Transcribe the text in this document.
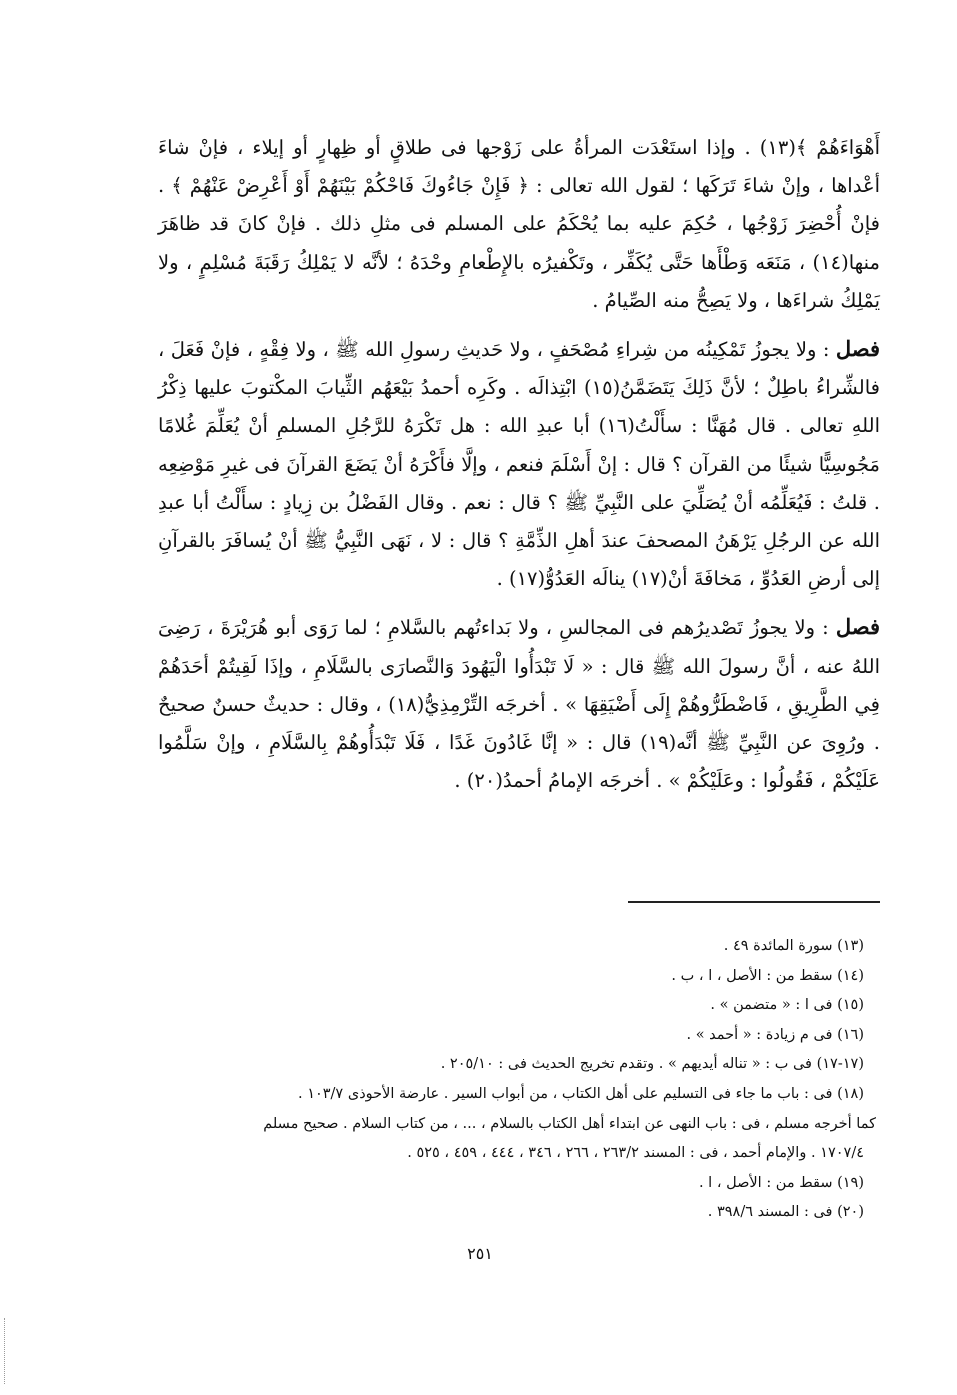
أَهْوَاءَهُمْ ﴾(١٣) . وإذا استَعْدَت المرأةُ على زَوْجها فى طلاقٍ أو ظِهارٍ أو إيلاء ، فإنْ شاءَ أعْداها ، وإنْ شاءَ تَرَكَها ؛ لقول الله تعالى : ﴿ فَإِنْ جَاءُوكَ فَاحْكُمْ بَيْنَهُمْ أَوْ أَعْرِضْ عَنْهُمْ ﴾ . فإنْ أُحْضِرَ زَوْجُها ، حُكِمَ عليه بما يُحْكَمُ على المسلم فى مثلِ ذلك . فإنْ كانَ قد ظاهَرَ منها(١٤) ، مَنَعَه وَطْأَها حَتَّى يُكَفِّر ، وتَكْفيرُه بالإِطْعامِ وحْدَهُ ؛ لأنَّه لا يَمْلِكُ رَقَبَةَ مُسْلِمٍ ، ولا يَمْلِكُ شراءَها ، ولا يَصِحُّ منه الصِّيامُ .

فصل : ولا يجوزُ تَمْكِينُه من شِراءِ مُصْحَفٍ ، ولا حَديثِ رسولِ الله ﷺ ، ولا فِقْهٍ ، فإنْ فَعَلَ ، فالشِّراءُ باطِلٌ ؛ لأنَّ ذَلِكَ يَتَضَمَّنُ(١٥) ابْتِذالَه . وكَرِه أحمدُ بَيْعَهُم الثِّيابَ المكْتوبَ عليها ذِكْرُ اللهِ تعالى . قال مُهَنَّا : سأَلْتُ(١٦) أبا عبدِ الله : هل تَكْرَهُ للرَّجُلِ المسلمِ أنْ يُعَلِّمَ غُلامًا مَجُوسِيًّا شيئًا من القرآن ؟ قال : إنْ أَسْلَمَ فنعم ، وإلَّا فأَكْرَهُ أنْ يَضَعَ القرآنَ فى غيرِ مَوْضِعِه . قلتُ : فَيُعَلِّمُه أنْ يُصَلِّيَ على النَّبِيِّ ﷺ ؟ قال : نعم . وقال الفَضْلُ بن زِيادٍ : سأَلْتُ أبا عبدِ الله عن الرجُلِ يَرْهَنُ المصحفَ عندَ أهلِ الذِّمَّةِ ؟ قال : لا ، نَهَى النَّبِيُّ ﷺ أنْ يُسافَرَ بالقرآنِ إلى أرضِ العَدُوِّ ، مَخافَةَ أنْ(١٧) ينالَه العَدُوُّ(١٧) .

فصل : ولا يجوزُ تَصْديرُهم فى المجالسِ ، ولا بَداءتُهم بالسَّلامِ ؛ لما رَوَى أبو هُرَيْرَةَ ، رَضِىَ اللهُ عنه ، أنَّ رسولَ الله ﷺ قال : « لَا تَبْدَأُوا الْيَهُودَ وَالنَّصارَى بالسَّلَامِ ، وإذَا لَقِيتُمْ أحَدَهُمْ فِي الطَّرِيقِ ، فَاضْطَرُّوهُمْ إِلَى أَضْيَقِهَا » . أخرجَه التِّرْمِذِيُّ(١٨) ، وقال : حديثٌ حسنٌ صحيحٌ . ورُوِىَ عن النَّبِيِّ ﷺ أنَّه(١٩) قال : « إنَّا غَادُونَ غَدًا ، فَلَا تَبْدَأُوهُمْ بِالسَّلَامِ ، وإنْ سَلَّمُوا عَلَيْكُمْ ، فَقُولُوا : وعَلَيْكُمْ » . أخرجَه الإمامُ أحمدُ(٢٠) .

(١٣) سورة المائدة ٤٩ .

(١٤) سقط من : الأصل ، ا ، ب .

(١٥) فى ا : « متضمن » .

(١٦) فى م زيادة : « أحمد » .

(١٧-١٧) فى ب : « تناله أيديهم » . وتقدم تخريج الحديث فى : ٢٠٥/١٠ .

(١٨) فى : باب ما جاء فى التسليم على أهل الكتاب ، من أبواب السير . عارضة الأحوذى ١٠٣/٧ .

كما أخرجه مسلم ، فى : باب النهى عن ابتداء أهل الكتاب بالسلام ، ... ، من كتاب السلام . صحيح مسلم

١٧٠٧/٤ . والإمام أحمد ، فى : المسند ٢٦٣/٢ ، ٢٦٦ ، ٣٤٦ ، ٤٤٤ ، ٤٥٩ ، ٥٢٥ .

(١٩) سقط من : الأصل ، ا .

(٢٠) فى : المسند ٣٩٨/٦ .

٢٥١
